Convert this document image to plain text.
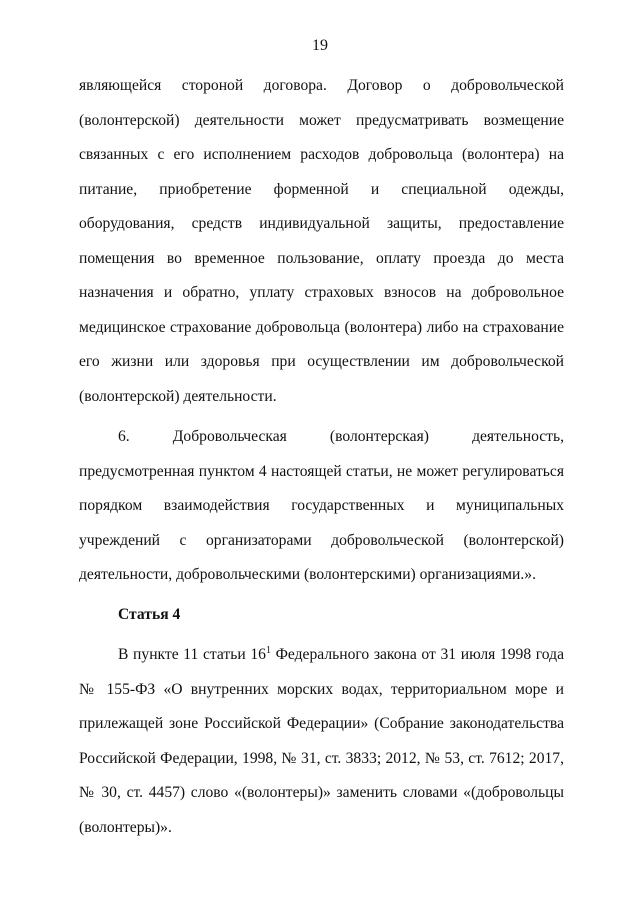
19

являющейся стороной договора. Договор о добровольческой (волонтерской) деятельности может предусматривать возмещение связанных с его исполнением расходов добровольца (волонтера) на питание, приобретение форменной и специальной одежды, оборудования, средств индивидуальной защиты, предоставление помещения во временное пользование, оплату проезда до места назначения и обратно, уплату страховых взносов на добровольное медицинское страхование добровольца (волонтера) либо на страхование его жизни или здоровья при осуществлении им добровольческой (волонтерской) деятельности.

6. Добровольческая (волонтерская) деятельность, предусмотренная пунктом 4 настоящей статьи, не может регулироваться порядком взаимодействия государственных и муниципальных учреждений с организаторами добровольческой (волонтерской) деятельности, добровольческими (волонтерскими) организациями.».

Статья 4

В пункте 11 статьи $16^1$ Федерального закона от 31 июля 1998 года № 155-ФЗ «О внутренних морских водах, территориальном море и прилежащей зоне Российской Федерации» (Собрание законодательства Российской Федерации, 1998, № 31, ст. 3833; 2012, № 53, ст. 7612; 2017, № 30, ст. 4457) слово «(волонтеры)» заменить словами «(добровольцы (волонтеры)».
